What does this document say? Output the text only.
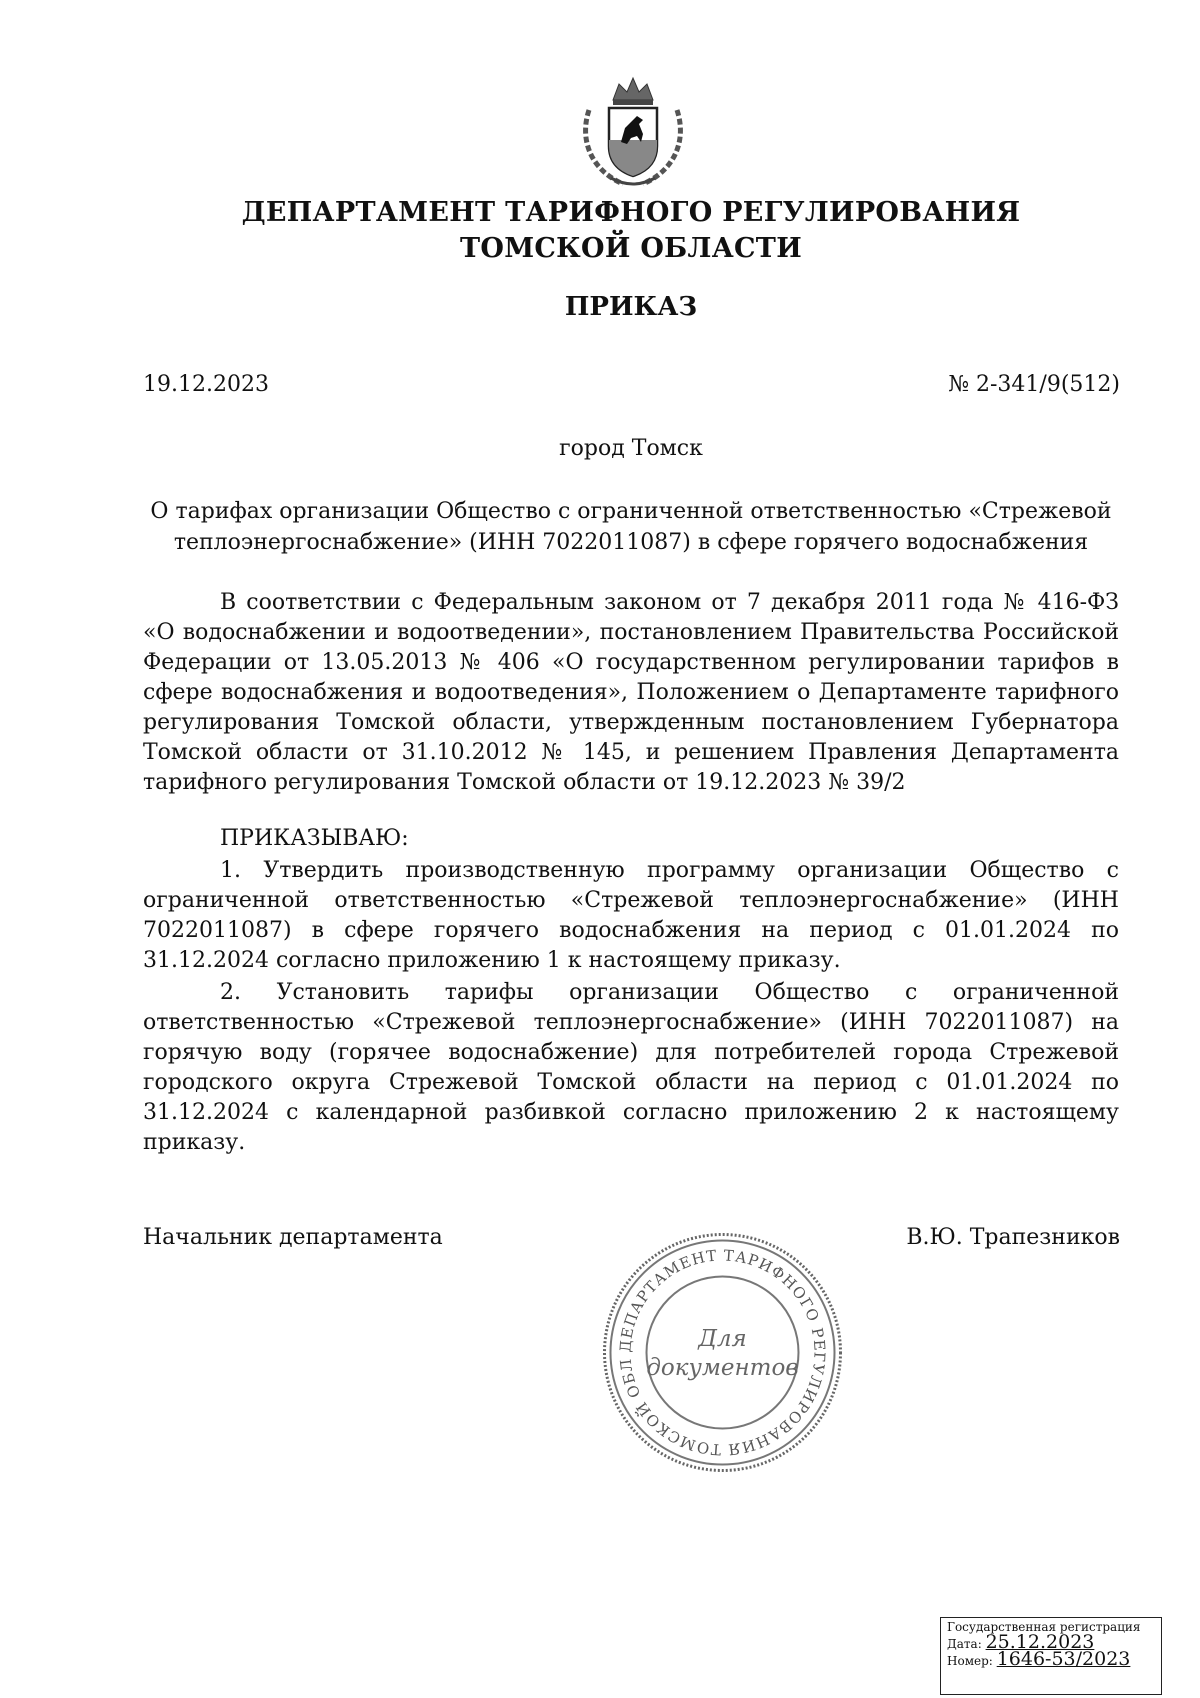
ДЕПАРТАМЕНТ ТАРИФНОГО РЕГУЛИРОВАНИЯ
ТОМСКОЙ ОБЛАСТИ
ПРИКАЗ
19.12.2023	№ 2-341/9(512)
город Томск
О тарифах организации Общество с ограниченной ответственностью «Стрежевой теплоэнергоснабжение» (ИНН 7022011087) в сфере горячего водоснабжения
В соответствии с Федеральным законом от 7 декабря 2011 года № 416-ФЗ «О водоснабжении и водоотведении», постановлением Правительства Российской Федерации от 13.05.2013 № 406 «О государственном регулировании тарифов в сфере водоснабжения и водоотведения», Положением о Департаменте тарифного регулирования Томской области, утвержденным постановлением Губернатора Томской области от 31.10.2012 № 145, и решением Правления Департамента тарифного регулирования Томской области от 19.12.2023 № 39/2
ПРИКАЗЫВАЮ:
1. Утвердить производственную программу организации Общество с ограниченной ответственностью «Стрежевой теплоэнергоснабжение» (ИНН 7022011087) в сфере горячего водоснабжения на период с 01.01.2024 по 31.12.2024 согласно приложению 1 к настоящему приказу.
2. Установить тарифы организации Общество с ограниченной ответственностью «Стрежевой теплоэнергоснабжение» (ИНН 7022011087) на горячую воду (горячее водоснабжение) для потребителей города Стрежевой городского округа Стрежевой Томской области на период с 01.01.2024 по 31.12.2024 с календарной разбивкой согласно приложению 2 к настоящему приказу.
Начальник департамента	В.Ю. Трапезников
ДЕПАРТАМЕНТ ТАРИФНОГО РЕГУЛИРОВАНИЯ ТОМСКОЙ ОБЛ
Для
документов
Государственная регистрация
Дата: 25.12.2023
Номер: 1646-53/2023
